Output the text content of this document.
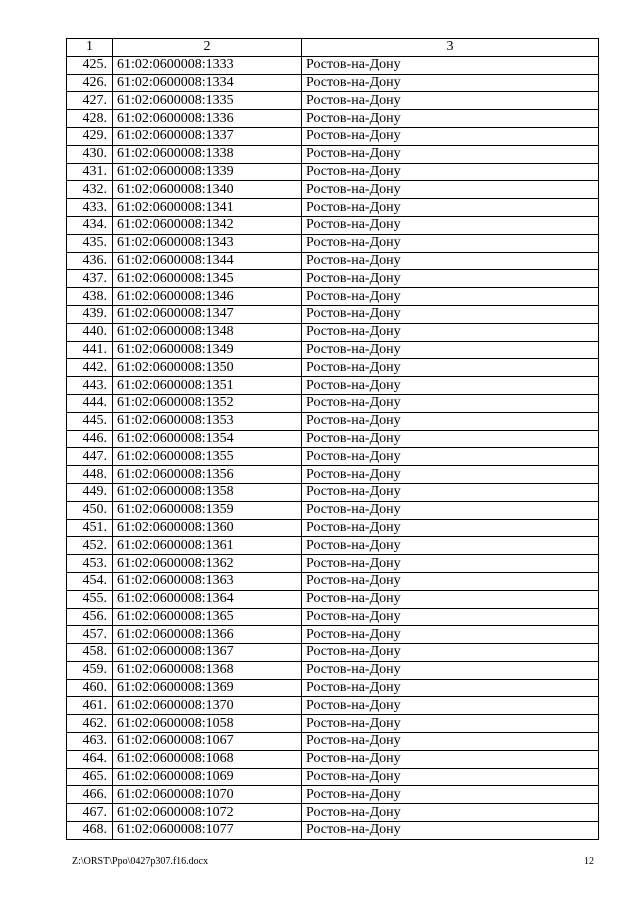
1	2	3
425.	61:02:0600008:1333	Ростов-на-Дону
426.	61:02:0600008:1334	Ростов-на-Дону
427.	61:02:0600008:1335	Ростов-на-Дону
428.	61:02:0600008:1336	Ростов-на-Дону
429.	61:02:0600008:1337	Ростов-на-Дону
430.	61:02:0600008:1338	Ростов-на-Дону
431.	61:02:0600008:1339	Ростов-на-Дону
432.	61:02:0600008:1340	Ростов-на-Дону
433.	61:02:0600008:1341	Ростов-на-Дону
434.	61:02:0600008:1342	Ростов-на-Дону
435.	61:02:0600008:1343	Ростов-на-Дону
436.	61:02:0600008:1344	Ростов-на-Дону
437.	61:02:0600008:1345	Ростов-на-Дону
438.	61:02:0600008:1346	Ростов-на-Дону
439.	61:02:0600008:1347	Ростов-на-Дону
440.	61:02:0600008:1348	Ростов-на-Дону
441.	61:02:0600008:1349	Ростов-на-Дону
442.	61:02:0600008:1350	Ростов-на-Дону
443.	61:02:0600008:1351	Ростов-на-Дону
444.	61:02:0600008:1352	Ростов-на-Дону
445.	61:02:0600008:1353	Ростов-на-Дону
446.	61:02:0600008:1354	Ростов-на-Дону
447.	61:02:0600008:1355	Ростов-на-Дону
448.	61:02:0600008:1356	Ростов-на-Дону
449.	61:02:0600008:1358	Ростов-на-Дону
450.	61:02:0600008:1359	Ростов-на-Дону
451.	61:02:0600008:1360	Ростов-на-Дону
452.	61:02:0600008:1361	Ростов-на-Дону
453.	61:02:0600008:1362	Ростов-на-Дону
454.	61:02:0600008:1363	Ростов-на-Дону
455.	61:02:0600008:1364	Ростов-на-Дону
456.	61:02:0600008:1365	Ростов-на-Дону
457.	61:02:0600008:1366	Ростов-на-Дону
458.	61:02:0600008:1367	Ростов-на-Дону
459.	61:02:0600008:1368	Ростов-на-Дону
460.	61:02:0600008:1369	Ростов-на-Дону
461.	61:02:0600008:1370	Ростов-на-Дону
462.	61:02:0600008:1058	Ростов-на-Дону
463.	61:02:0600008:1067	Ростов-на-Дону
464.	61:02:0600008:1068	Ростов-на-Дону
465.	61:02:0600008:1069	Ростов-на-Дону
466.	61:02:0600008:1070	Ростов-на-Дону
467.	61:02:0600008:1072	Ростов-на-Дону
468.	61:02:0600008:1077	Ростов-на-Дону
Z:\ORST\Ppo\0427p307.f16.docx	12
